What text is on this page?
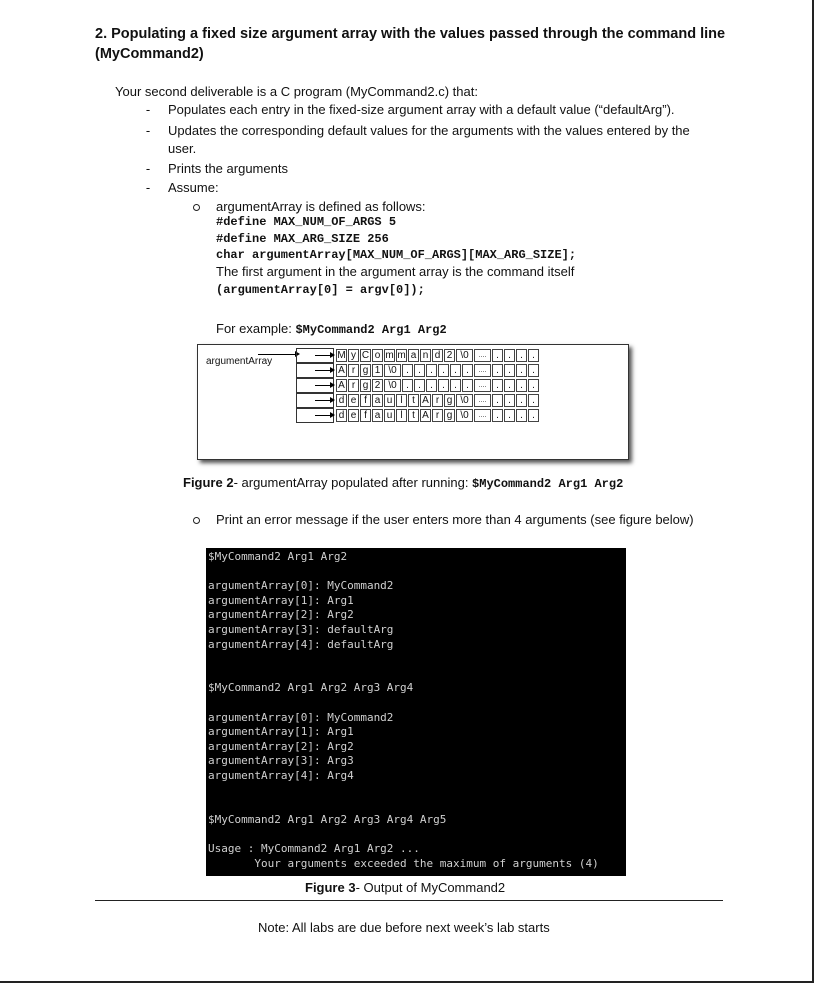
2. Populating a fixed size argument array with the values passed through the command line
(MyCommand2)
Your second deliverable is a C program (MyCommand2.c) that:
- Populates each entry in the fixed-size argument array with a default value (“defaultArg”).
- Updates the corresponding default values for the arguments with the values entered by the
user.
- Prints the arguments
- Assume:
argumentArray is defined as follows:
#define MAX_NUM_OF_ARGS 5
#define MAX_ARG_SIZE 256
char argumentArray[MAX_NUM_OF_ARGS][MAX_ARG_SIZE];
The first argument in the argument array is the command itself
(argumentArray[0] = argv[0]);
For example: $MyCommand2 Arg1 Arg2
argumentArray
M y C o m m a n d 2 \0	.... . . . .
A r g 1 \0 . . . . . .	.... . . . .
A r g 2 \0 . . . . . .	.... . . . .
d e f a u l t A r g \0	.... . . . .
d e f a u l t A r g \0	.... . . . .
Figure 2- argumentArray populated after running: $MyCommand2 Arg1 Arg2
Print an error message if the user enters more than 4 arguments (see figure below)
$MyCommand2 Arg1 Arg2
argumentArray[0]: MyCommand2
argumentArray[1]: Arg1
argumentArray[2]: Arg2
argumentArray[3]: defaultArg
argumentArray[4]: defaultArg
$MyCommand2 Arg1 Arg2 Arg3 Arg4
argumentArray[0]: MyCommand2
argumentArray[1]: Arg1
argumentArray[2]: Arg2
argumentArray[3]: Arg3
argumentArray[4]: Arg4
$MyCommand2 Arg1 Arg2 Arg3 Arg4 Arg5
Usage : MyCommand2 Arg1 Arg2 ...
Your arguments exceeded the maximum of arguments (4)
Figure 3- Output of MyCommand2
Note: All labs are due before next week’s lab starts
